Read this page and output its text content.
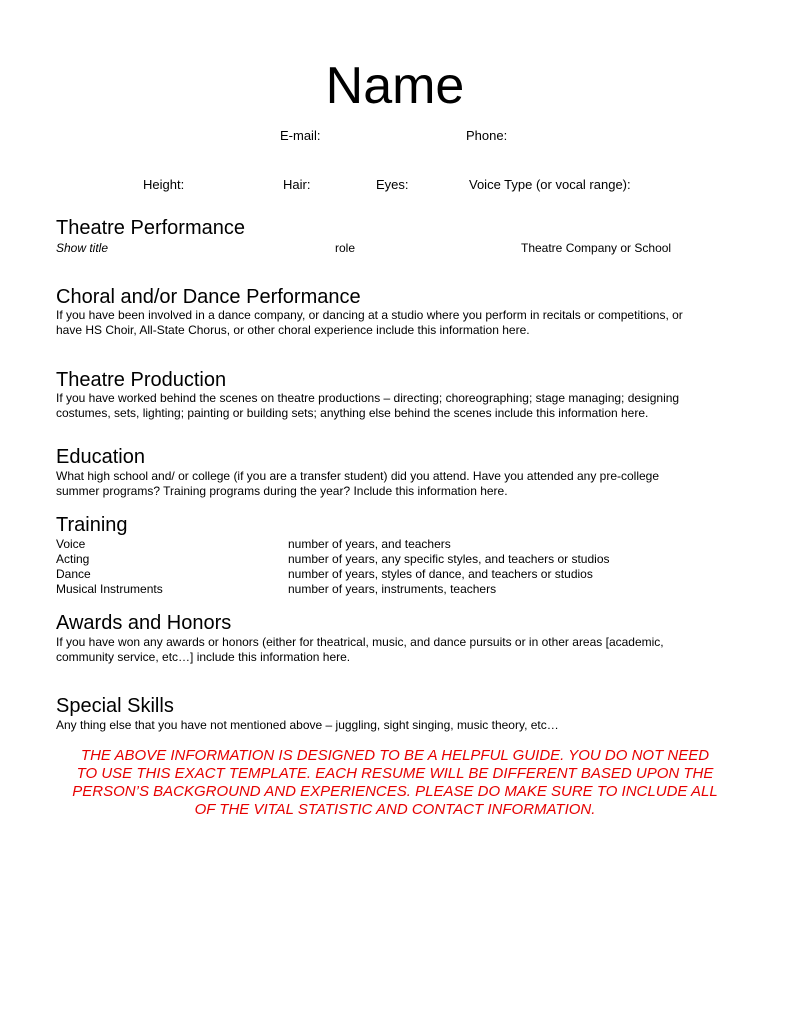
Name
E-mail:	Phone:
Height:	Hair:	Eyes:	Voice Type (or vocal range):
Theatre Performance
Show title	role	Theatre Company or School
Choral and/or Dance Performance
If you have been involved in a dance company, or dancing at a studio where you perform in recitals or competitions, or
have HS Choir, All-State Chorus, or other choral experience include this information here.
Theatre Production
If you have worked behind the scenes on theatre productions – directing; choreographing; stage managing; designing
costumes, sets, lighting; painting or building sets; anything else behind the scenes include this information here.
Education
What high school and/ or college (if you are a transfer student) did you attend. Have you attended any pre-college
summer programs? Training programs during the year? Include this information here.
Training
Voice	number of years, and teachers
Acting	number of years, any specific styles, and teachers or studios
Dance	number of years, styles of dance, and teachers or studios
Musical Instruments	number of years, instruments, teachers
Awards and Honors
If you have won any awards or honors (either for theatrical, music, and dance pursuits or in other areas [academic,
community service, etc…] include this information here.
Special Skills
Any thing else that you have not mentioned above – juggling, sight singing, music theory, etc…
THE ABOVE INFORMATION IS DESIGNED TO BE A HELPFUL GUIDE. YOU DO NOT NEED
TO USE THIS EXACT TEMPLATE. EACH RESUME WILL BE DIFFERENT BASED UPON THE
PERSON’S BACKGROUND AND EXPERIENCES. PLEASE DO MAKE SURE TO INCLUDE ALL
OF THE VITAL STATISTIC AND CONTACT INFORMATION.
